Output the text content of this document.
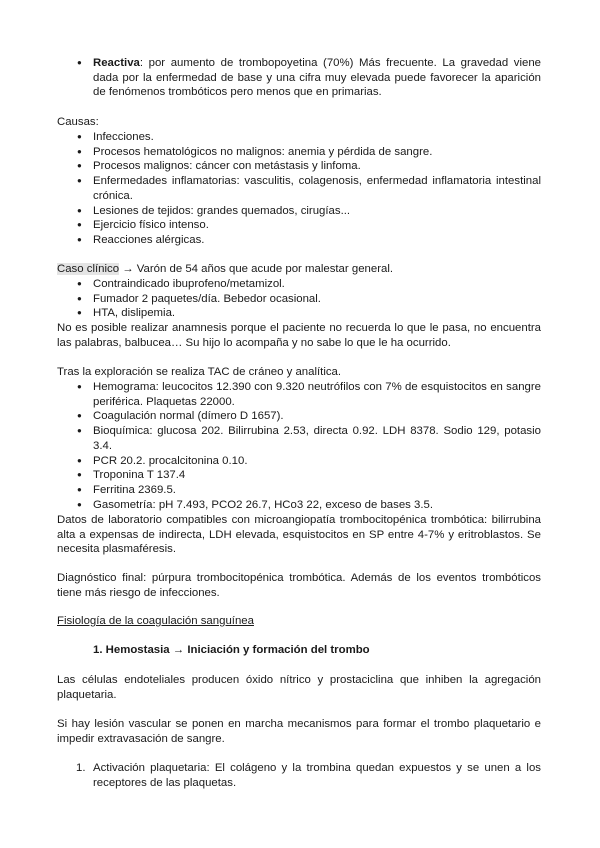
● Reactiva: por aumento de trombopoyetina (70%) Más frecuente. La gravedad viene dada por la enfermedad de base y una cifra muy elevada puede favorecer la aparición de fenómenos trombóticos pero menos que en primarias.

Causas:

● Infecciones.
● Procesos hematológicos no malignos: anemia y pérdida de sangre.
● Procesos malignos: cáncer con metástasis y linfoma.
● Enfermedades inflamatorias: vasculitis, colagenosis, enfermedad inflamatoria intestinal crónica.
● Lesiones de tejidos: grandes quemados, cirugías...
● Ejercicio físico intenso.
● Reacciones alérgicas.

Caso clínico → Varón de 54 años que acude por malestar general.

● Contraindicado ibuprofeno/metamizol.
● Fumador 2 paquetes/día. Bebedor ocasional.
● HTA, dislipemia.

No es posible realizar anamnesis porque el paciente no recuerda lo que le pasa, no encuentra las palabras, balbucea… Su hijo lo acompaña y no sabe lo que le ha ocurrido.

Tras la exploración se realiza TAC de cráneo y analítica.

● Hemograma: leucocitos 12.390 con 9.320 neutrófilos con 7% de esquistocitos en sangre periférica. Plaquetas 22000.
● Coagulación normal (dímero D 1657).
● Bioquímica: glucosa 202. Bilirrubina 2.53, directa 0.92. LDH 8378. Sodio 129, potasio 3.4.
● PCR 20.2. procalcitonina 0.10.
● Troponina T 137.4
● Ferritina 2369.5.
● Gasometría: pH 7.493, PCO2 26.7, HCo3 22, exceso de bases 3.5.

Datos de laboratorio compatibles con microangiopatía trombocitopénica trombótica: bilirrubina alta a expensas de indirecta, LDH elevada, esquistocitos en SP entre 4-7% y eritroblastos. Se necesita plasmaféresis.

Diagnóstico final: púrpura trombocitopénica trombótica. Además de los eventos trombóticos tiene más riesgo de infecciones.

Fisiología de la coagulación sanguínea

1. Hemostasia → Iniciación y formación del trombo

Las células endoteliales producen óxido nítrico y prostaciclina que inhiben la agregación plaquetaria.

Si hay lesión vascular se ponen en marcha mecanismos para formar el trombo plaquetario e impedir extravasación de sangre.

1. Activación plaquetaria: El colágeno y la trombina quedan expuestos y se unen a los receptores de las plaquetas.
